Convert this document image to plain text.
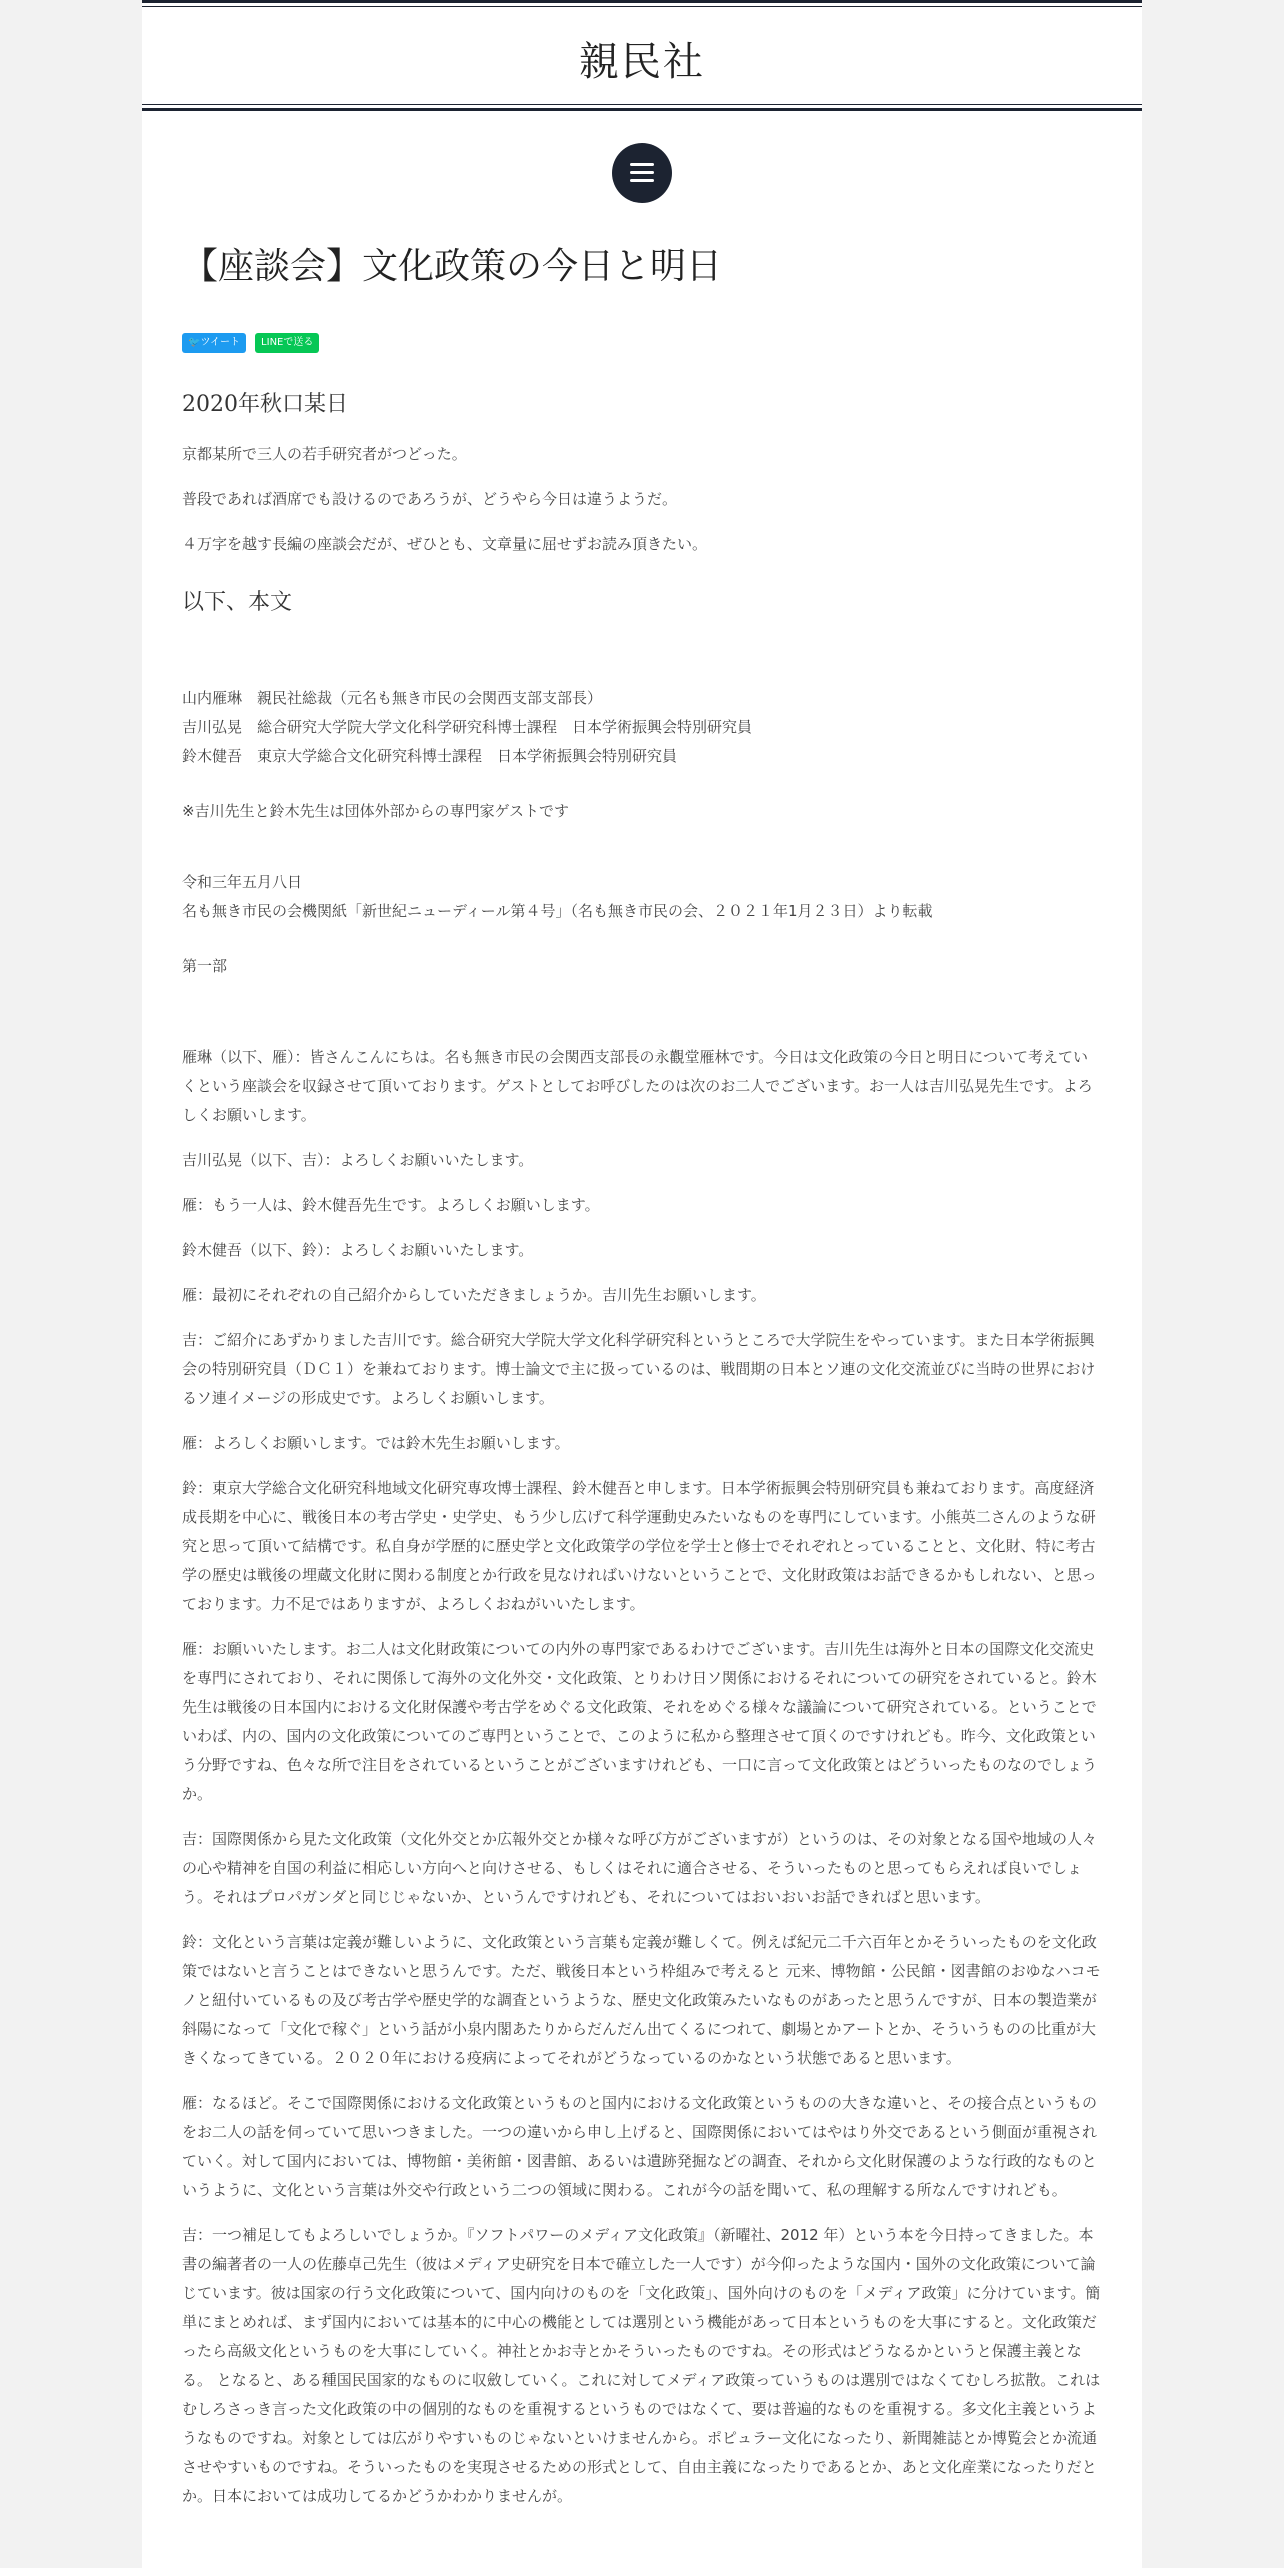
親民社
【座談会】文化政策の今日と明日
🐦ツイート LINEで送る
2020年秋口某日

京都某所で三人の若手研究者がつどった。

普段であれば酒席でも設けるのであろうが、どうやら今日は違うようだ。

４万字を越す長編の座談会だが、ぜひとも、文章量に屈せずお読み頂きたい。

以下、本文

山内雁琳　親民社総裁（元名も無き市民の会関西支部支部長）

吉川弘晃　総合研究大学院大学文化科学研究科博士課程　日本学術振興会特別研究員

鈴木健吾　東京大学総合文化研究科博士課程　日本学術振興会特別研究員

※吉川先生と鈴木先生は団体外部からの専門家ゲストです

令和三年五月八日

名も無き市民の会機関紙「新世紀ニューディール第４号」（名も無き市民の会、２０２１年1月２３日）より転載

第一部

雁琳（以下、雁）：皆さんこんにちは。名も無き市民の会関西支部長の永觀堂雁林です。今日は文化政策の今日と明日について考えていくという座談会を収録させて頂いております。ゲストとしてお呼びしたのは次のお二人でございます。お一人は吉川弘晃先生です。よろしくお願いします。

吉川弘晃（以下、吉）：よろしくお願いいたします。

雁：もう一人は、鈴木健吾先生です。よろしくお願いします。

鈴木健吾（以下、鈴）：よろしくお願いいたします。

雁：最初にそれぞれの自己紹介からしていただきましょうか。吉川先生お願いします。

吉：ご紹介にあずかりました吉川です。総合研究大学院大学文化科学研究科というところで大学院生をやっています。また日本学術振興会の特別研究員（ＤＣ１）を兼ねております。博士論文で主に扱っているのは、戦間期の日本とソ連の文化交流並びに当時の世界におけるソ連イメージの形成史です。よろしくお願いします。

雁：よろしくお願いします。では鈴木先生お願いします。

鈴：東京大学総合文化研究科地域文化研究専攻博士課程、鈴木健吾と申します。日本学術振興会特別研究員も兼ねております。高度経済成長期を中心に、戦後日本の考古学史・史学史、もう少し広げて科学運動史みたいなものを専門にしています。小熊英二さんのような研究と思って頂いて結構です。私自身が学歴的に歴史学と文化政策学の学位を学士と修士でそれぞれとっていることと、文化財、特に考古学の歴史は戦後の埋蔵文化財に関わる制度とか行政を見なければいけないということで、文化財政策はお話できるかもしれない、と思っております。力不足ではありますが、よろしくおねがいいたします。

雁：お願いいたします。お二人は文化財政策についての内外の専門家であるわけでございます。吉川先生は海外と日本の国際文化交流史を専門にされており、それに関係して海外の文化外交・文化政策、とりわけ日ソ関係におけるそれについての研究をされていると。鈴木先生は戦後の日本国内における文化財保護や考古学をめぐる文化政策、それをめぐる様々な議論について研究されている。ということでいわば、内の、国内の文化政策についてのご専門ということで、このように私から整理させて頂くのですけれども。昨今、文化政策という分野ですね、色々な所で注目をされているということがございますけれども、一口に言って文化政策とはどういったものなのでしょうか。

吉：国際関係から見た文化政策（文化外交とか広報外交とか様々な呼び方がございますが）というのは、その対象となる国や地域の人々の心や精神を自国の利益に相応しい方向へと向けさせる、もしくはそれに適合させる、そういったものと思ってもらえれば良いでしょう。それはプロパガンダと同じじゃないか、というんですけれども、それについてはおいおいお話できればと思います。

鈴：文化という言葉は定義が難しいように、文化政策という言葉も定義が難しくて。例えば紀元二千六百年とかそういったものを文化政策ではないと言うことはできないと思うんです。ただ、戦後日本という枠組みで考えると 元来、博物館・公民館・図書館のおゆなハコモノと紐付いているもの及び考古学や歴史学的な調査というような、歴史文化政策みたいなものがあったと思うんですが、日本の製造業が斜陽になって「文化で稼ぐ」という話が小泉内閣あたりからだんだん出てくるにつれて、劇場とかアートとか、そういうものの比重が大きくなってきている。２０２０年における疫病によってそれがどうなっているのかなという状態であると思います。

雁：なるほど。そこで国際関係における文化政策というものと国内における文化政策というものの大きな違いと、その接合点というものをお二人の話を伺っていて思いつきました。一つの違いから申し上げると、国際関係においてはやはり外交であるという側面が重視されていく。対して国内においては、博物館・美術館・図書館、あるいは遺跡発掘などの調査、それから文化財保護のような行政的なものというように、文化という言葉は外交や行政という二つの領域に関わる。これが今の話を聞いて、私の理解する所なんですけれども。

吉：一つ補足してもよろしいでしょうか。『ソフトパワーのメディア文化政策』（新曜社、2012 年）という本を今日持ってきました。本書の編著者の一人の佐藤卓己先生（彼はメディア史研究を日本で確立した一人です）が今仰ったような国内・国外の文化政策について論じています。彼は国家の行う文化政策について、国内向けのものを「文化政策」、国外向けのものを「メディア政策」に分けています。簡単にまとめれば、まず国内においては基本的に中心の機能としては選別という機能があって日本というものを大事にすると。文化政策だったら高級文化というものを大事にしていく。神社とかお寺とかそういったものですね。その形式はどうなるかというと保護主義となる。 となると、ある種国民国家的なものに収斂していく。これに対してメディア政策っていうものは選別ではなくてむしろ拡散。これはむしろさっき言った文化政策の中の個別的なものを重視するというものではなくて、要は普遍的なものを重視する。多文化主義というようなものですね。対象としては広がりやすいものじゃないといけませんから。ポピュラー文化になったり、新聞雑誌とか博覧会とか流通させやすいものですね。そういったものを実現させるための形式として、自由主義になったりであるとか、あと文化産業になったりだとか。日本においては成功してるかどうかわかりませんが。
